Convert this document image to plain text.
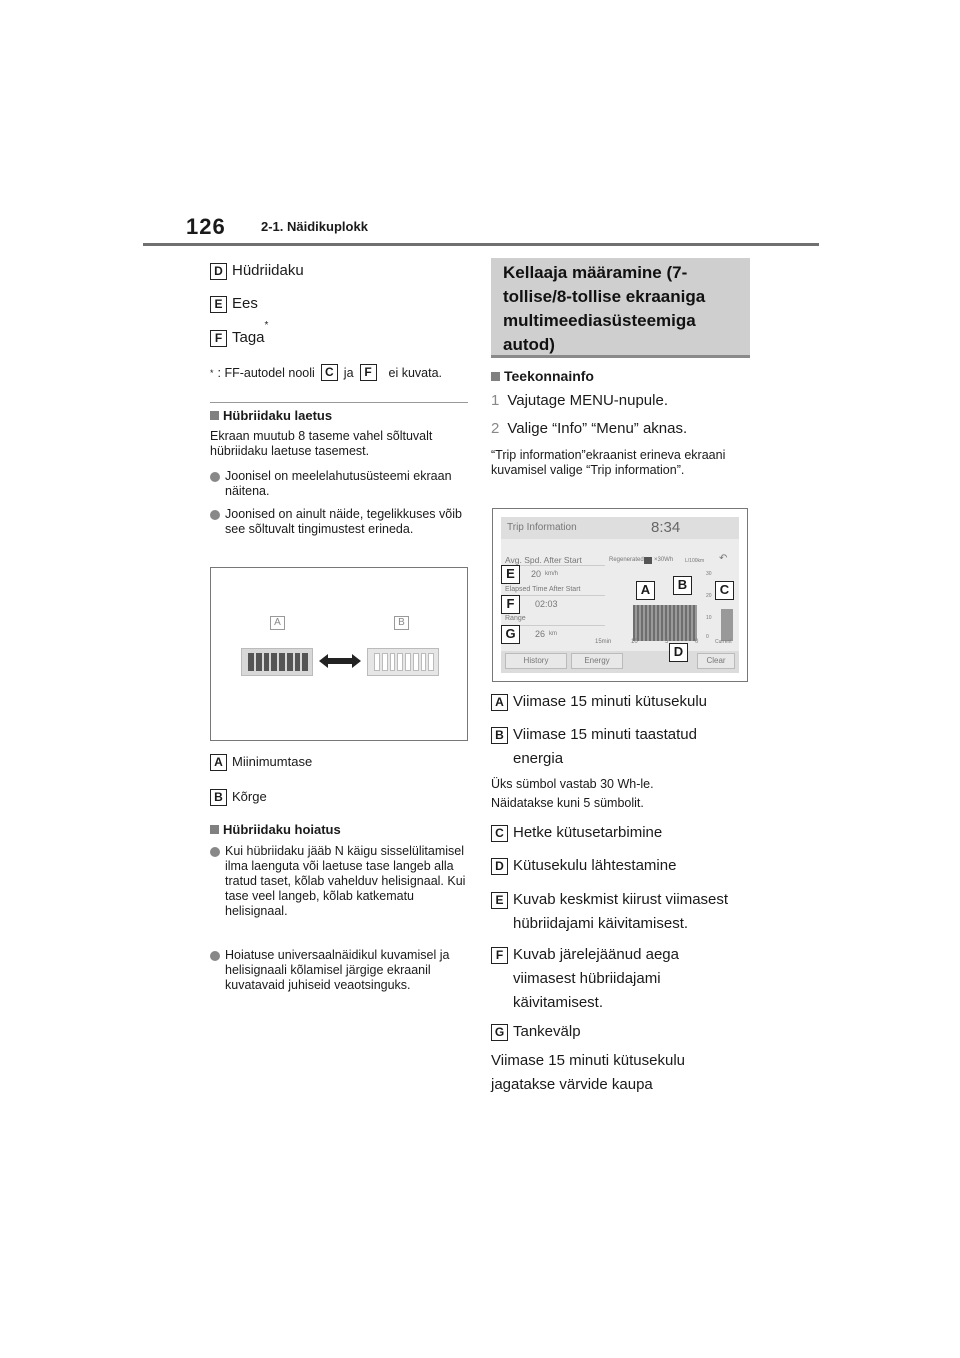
126	2-1. Näidikuplokk
D Hüdriidaku
E Ees
F Taga
*
* : FF-autodel nooli C ja F	ei kuvata.
Hübriidaku laetus
Ekraan muutub 8 taseme vahel sõltuvalt hübriidaku laetuse tasemest.
Joonisel on meelelahutusüsteemi ekraan näitena.
Joonised on ainult näide, tegelikkuses võib see sõltuvalt tingimustest erineda.
A	B
A Miinimumtase
B Kõrge
Hübriidaku hoiatus
Kui hübriidaku jääb N käigu sisselülitamisel ilma laenguta või laetuse tase langeb alla tratud taset, kõlab vahelduv helisignaal. Kui tase veel langeb, kõlab katkematu helisignaal.
Hoiatuse universaalnäidikul kuvamisel ja helisignaali kõlamisel järgige ekraanil kuvatavaid juhiseid veaotsinguks.
Kellaaja määramine (7-
tollise/8-tollise ekraaniga
multimeediasüsteemiga
autod)
Teekonnainfo
1 Vajutage MENU-nupule.
2 Valige “Info” “Menu” aknas.
“Trip information”ekraanist erineva ekraani kuvamisel valige “Trip information”.
Trip Information	8:34
Avg. Spd. After Start
20 km/h
Elapsed Time After Start
02:03
Range
26 km
Regenerated ×30Wh L/100km ↶
30
20
10
0
15min	10	5	0	Current
History	Energy	Clear
E
F
G
A	B	C
D
A Viimase 15 minuti kütusekulu
B Viimase 15 minuti taastatud
energia
Üks sümbol vastab 30 Wh-le.
Näidatakse kuni 5 sümbolit.
C Hetke kütusetarbimine
D Kütusekulu lähtestamine
E Kuvab keskmist kiirust viimasest
hübriidajami käivitamisest.
F Kuvab järelejäänud aega
viimasest hübriidajami
käivitamisest.
G Tankevälp
Viimase 15 minuti kütusekulu
jagatakse värvide kaupa
